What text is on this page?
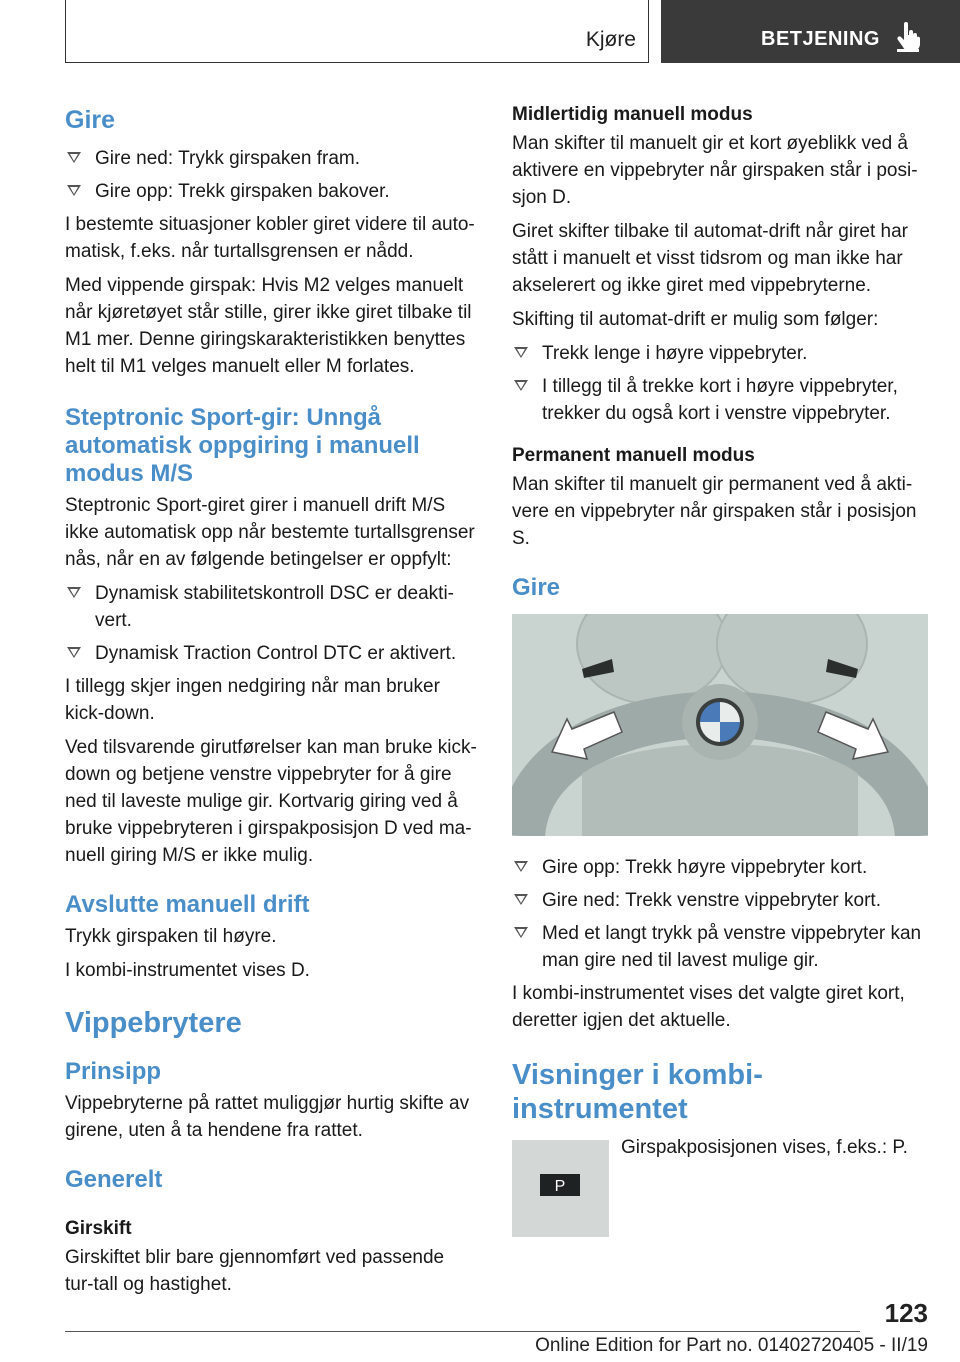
Kjøre	BETJENING
Gire
Gire ned: Trykk girspaken fram.
Gire opp: Trekk girspaken bakover.

I bestemte situasjoner kobler giret videre til auto-matisk, f.eks. når turtallsgrensen er nådd.

Med vippende girspak: Hvis M2 velges manuelt når kjøretøyet står stille, girer ikke giret tilbake til M1 mer. Denne giringskarakteristikken benyttes helt til M1 velges manuelt eller M forlates.

Steptronic Sport-gir: Unngå automatisk oppgiring i manuell modus M/S

Steptronic Sport-giret girer i manuell drift M/S ikke automatisk opp når bestemte turtallsgrenser nås, når en av følgende betingelser er oppfylt:

Dynamisk stabilitetskontroll DSC er deakti-vert.
Dynamisk Traction Control DTC er aktivert.

I tillegg skjer ingen nedgiring når man bruker kick-down.

Ved tilsvarende girutførelser kan man bruke kick-down og betjene venstre vippebryter for å gire ned til laveste mulige gir. Kortvarig giring ved å bruke vippebryteren i girspakposisjon D ved ma-nuell giring M/S er ikke mulig.

Avslutte manuell drift

Trykk girspaken til høyre.

I kombi-instrumentet vises D.

Vippebrytere
Prinsipp

Vippebryterne på rattet muliggjør hurtig skifte av girene, uten å ta hendene fra rattet.

Generelt
Girskift

Girskiftet blir bare gjennomført ved passende tur-tall og hastighet.

Midlertidig manuell modus

Man skifter til manuelt gir et kort øyeblikk ved å aktivere en vippebryter når girspaken står i posi-sjon D.

Giret skifter tilbake til automat-drift når giret har stått i manuelt et visst tidsrom og man ikke har akselerert og ikke giret med vippebryterne.

Skifting til automat-drift er mulig som følger:

Trekk lenge i høyre vippebryter.
I tillegg til å trekke kort i høyre vippebryter, trekker du også kort i venstre vippebryter.
Permanent manuell modus

Man skifter til manuelt gir permanent ved å akti-vere en vippebryter når girspaken står i posisjon S.

Gire
Gire opp: Trekk høyre vippebryter kort.
Gire ned: Trekk venstre vippebryter kort.
Med et langt trykk på venstre vippebryter kan man gire ned til lavest mulige gir.

I kombi-instrumentet vises det valgte giret kort, deretter igjen det aktuelle.

Visninger i kombi-instrumentet
P

Girspakposisjonen vises, f.eks.: P.

123
Online Edition for Part no. 01402720405 - II/19
